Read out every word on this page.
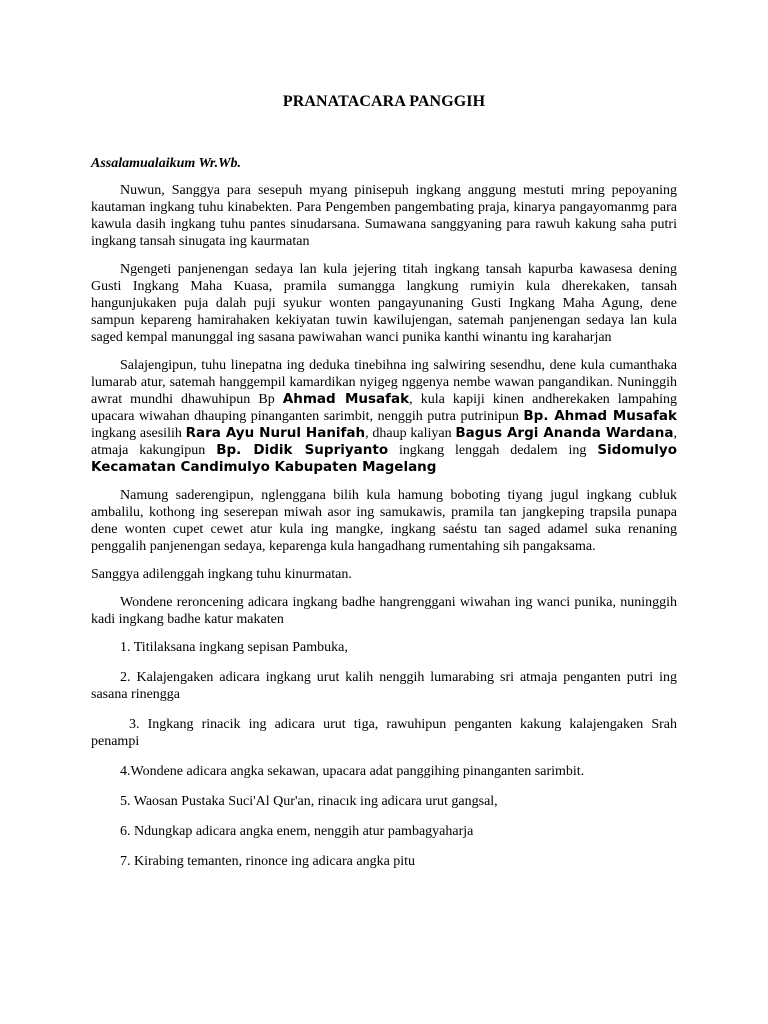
PRANATACARA PANGGIH

Assalamualaikum Wr.Wb.

Nuwun, Sanggya para sesepuh myang pinisepuh ingkang anggung mestuti mring pepoyaning kautaman ingkang tuhu kinabekten. Para Pengemben pangembating praja, kinarya pangayomanmg para kawula dasih ingkang tuhu pantes sinudarsana. Sumawana sanggyaning para rawuh kakung saha putri ingkang tansah sinugata ing kaurmatan

Ngengeti panjenengan sedaya lan kula jejering titah ingkang tansah kapurba kawasesa dening Gusti Ingkang Maha Kuasa, pramila sumangga langkung rumiyin kula dherekaken, tansah hangunjukaken puja dalah puji syukur wonten pangayunaning Gusti Ingkang Maha Agung, dene sampun kepareng hamirahaken kekiyatan tuwin kawilujengan, satemah panjenengan sedaya lan kula saged kempal manunggal ing sasana pawiwahan wanci punika kanthi winantu ing karaharjan

Salajengipun, tuhu linepatna ing deduka tinebihna ing salwiring sesendhu, dene kula cumanthaka lumarab atur, satemah hanggempil kamardikan nyigeg nggenya nembe wawan pangandikan. Nuninggih awrat mundhi dhawuhipun Bp Ahmad Musafak, kula kapiji kinen andherekaken lampahing upacara wiwahan dhauping pinanganten sarimbit, nenggih putra putrinipun Bp. Ahmad Musafak ingkang asesilih Rara Ayu Nurul Hanifah, dhaup kaliyan Bagus Argi Ananda Wardana, atmaja kakungipun Bp. Didik Supriyanto ingkang lenggah dedalem ing Sidomulyo Kecamatan Candimulyo Kabupaten Magelang

Namung saderengipun, nglenggana bilih kula hamung boboting tiyang jugul ingkang cubluk ambalilu, kothong ing seserepan miwah asor ing samukawis, pramila tan jangkeping trapsila punapa dene wonten cupet cewet atur kula ing mangke, ingkang saéstu tan saged adamel suka renaning penggalih panjenengan sedaya, keparenga kula hangadhang rumentahing sih pangaksama.

Sanggya adilenggah ingkang tuhu kinurmatan.

Wondene reroncening adicara ingkang badhe hangrenggani wiwahan ing wanci punika, nuninggih kadi ingkang badhe katur makaten

1. Titilaksana ingkang sepisan Pambuka,

2. Kalajengaken adicara ingkang urut kalih nenggih lumarabing sri atmaja penganten putri ing sasana rinengga

3. Ingkang rinacik ing adicara urut tiga, rawuhipun penganten kakung kalajengaken Srah penampi

4.Wondene adicara angka sekawan, upacara adat panggihing pinanganten sarimbit.

5. Waosan Pustaka Suci'Al Qur'an, rinacık ing adicara urut gangsal,

6. Ndungkap adicara angka enem, nenggih atur pambagyaharja

7. Kirabing temanten, rinonce ing adicara angka pitu
